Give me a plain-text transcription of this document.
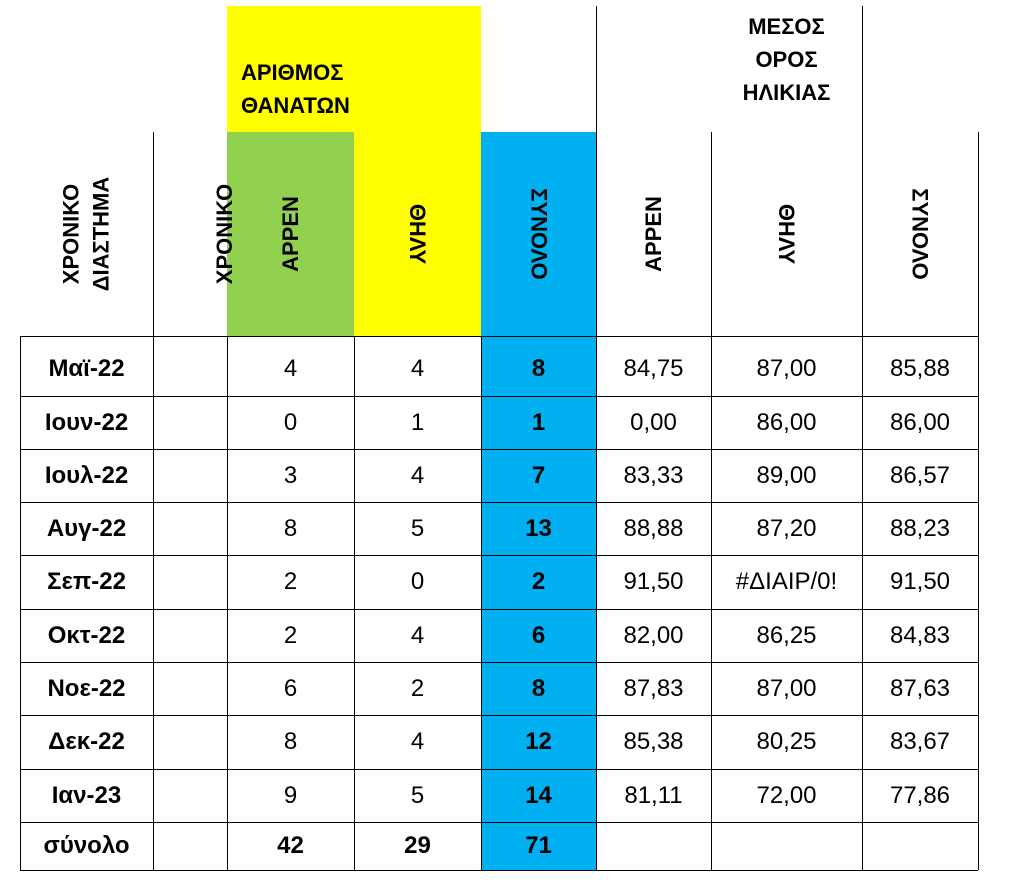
ΑΡΙΘΜΟΣ
ΘΑΝΑΤΩΝ
ΜΕΣΟΣ
ΟΡΟΣ
ΗΛΙΚΙΑΣ
ΧΡΟΝΙΚΟ ΔΙΑΣΤΗΜΑ	ΧΡΟΝΙΚΟ ΑΡΡΕΝ	ΘΗΛΥ	ΣΥΝΟΛΟ	ΑΡΡΕΝ	ΘΗΛΥ	ΣΥΝΟΛΟ
Μαϊ-22	4	4	8	84,75	87,00	85,88
Ιουν-22	0	1	1	0,00	86,00	86,00
Ιουλ-22	3	4	7	83,33	89,00	86,57
Αυγ-22	8	5	13	88,88	87,20	88,23
Σεπ-22	2	0	2	91,50	#ΔΙΑΙΡ/0!	91,50
Οκτ-22	2	4	6	82,00	86,25	84,83
Νοε-22	6	2	8	87,83	87,00	87,63
Δεκ-22	8	4	12	85,38	80,25	83,67
Ιαν-23	9	5	14	81,11	72,00	77,86
σύνολο	42	29	71
